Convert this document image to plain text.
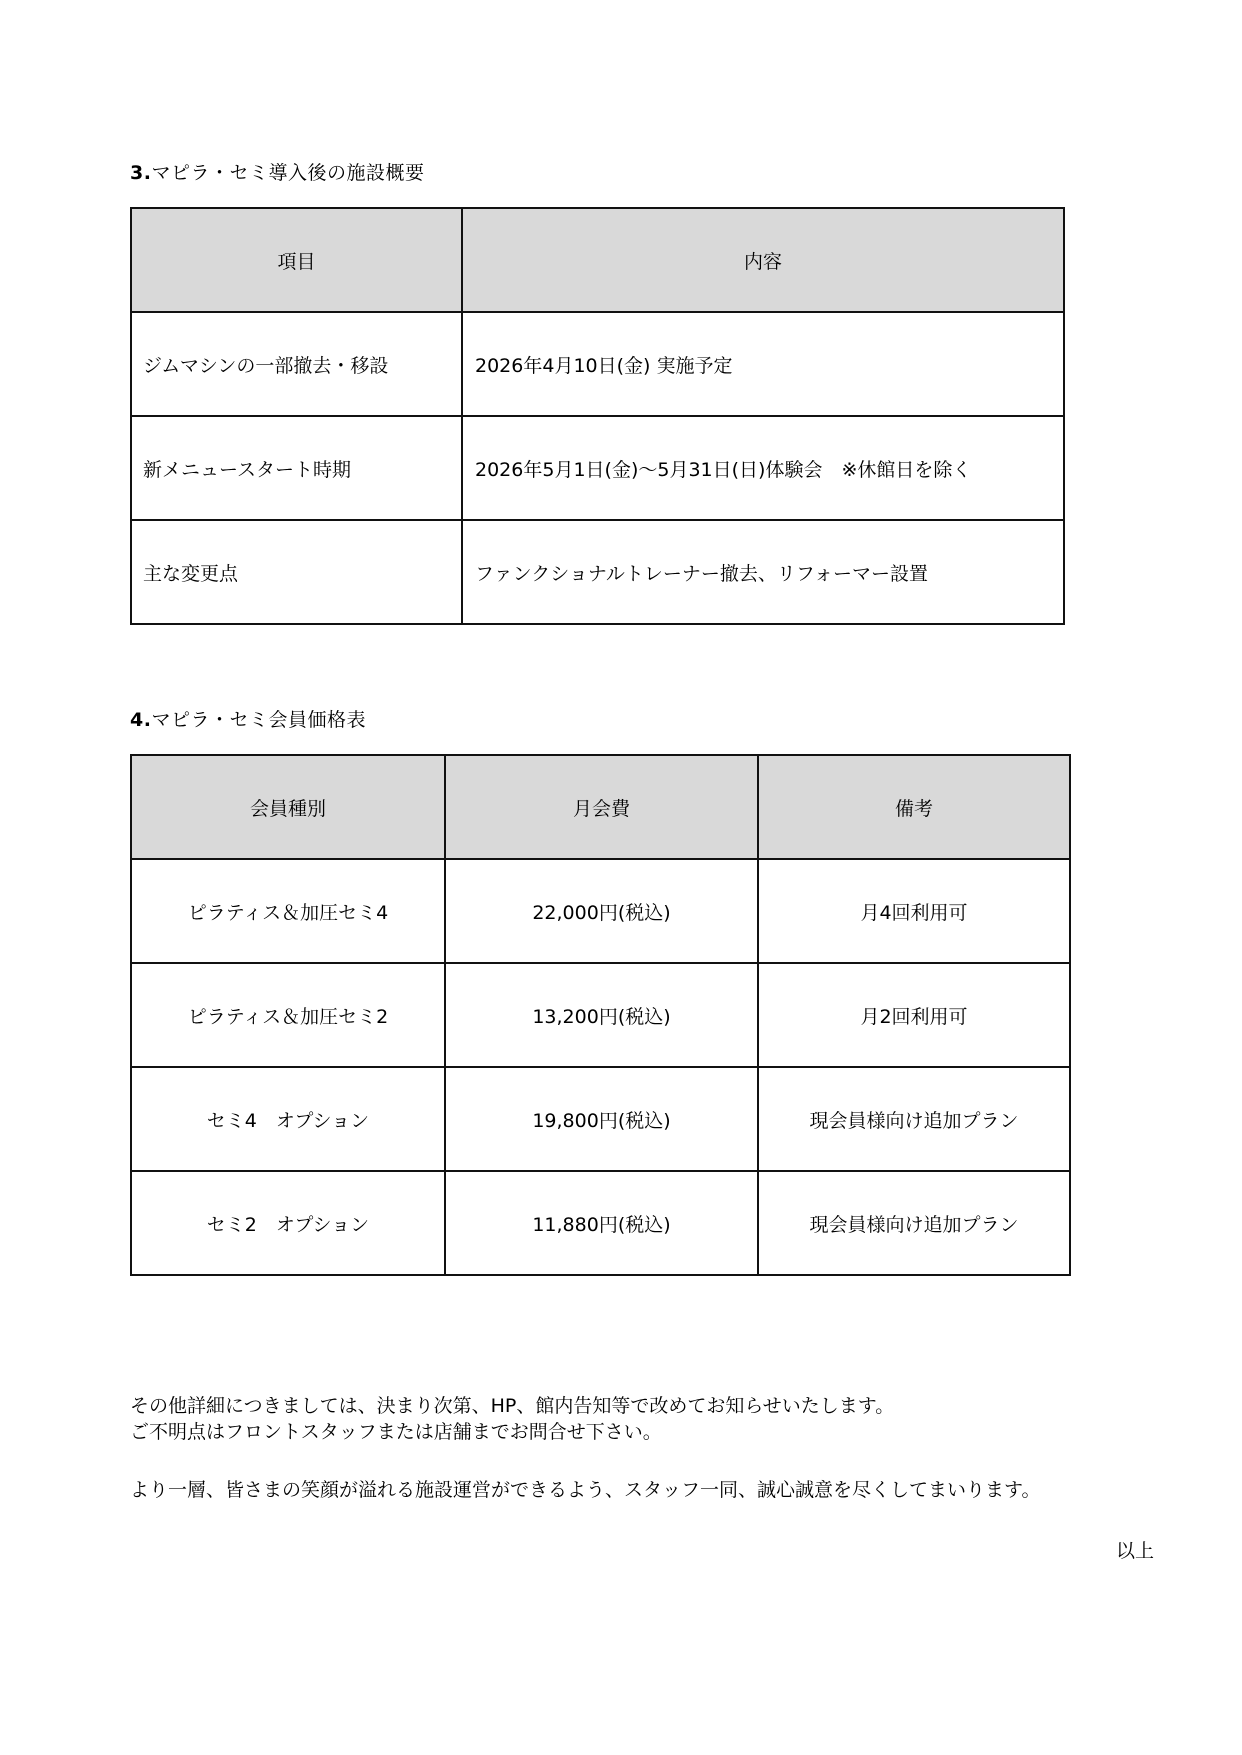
3.マピラ・セミ導入後の施設概要
項目	内容
ジムマシンの一部撤去・移設	2026年4月10日(金) 実施予定
新メニュースタート時期	2026年5月1日(金)〜5月31日(日)体験会　※休館日を除く
主な変更点	ファンクショナルトレーナー撤去、リフォーマー設置
4.マピラ・セミ会員価格表
会員種別	月会費	備考
ピラティス＆加圧セミ4	22,000円(税込)	月4回利用可
ピラティス＆加圧セミ2	13,200円(税込)	月2回利用可
セミ4　オプション	19,800円(税込)	現会員様向け追加プラン
セミ2　オプション	11,880円(税込)	現会員様向け追加プラン
その他詳細につきましては、決まり次第、HP、館内告知等で改めてお知らせいたします。
ご不明点はフロントスタッフまたは店舗までお問合せ下さい。
より一層、皆さまの笑顔が溢れる施設運営ができるよう、スタッフ一同、誠心誠意を尽くしてまいります。
以上
